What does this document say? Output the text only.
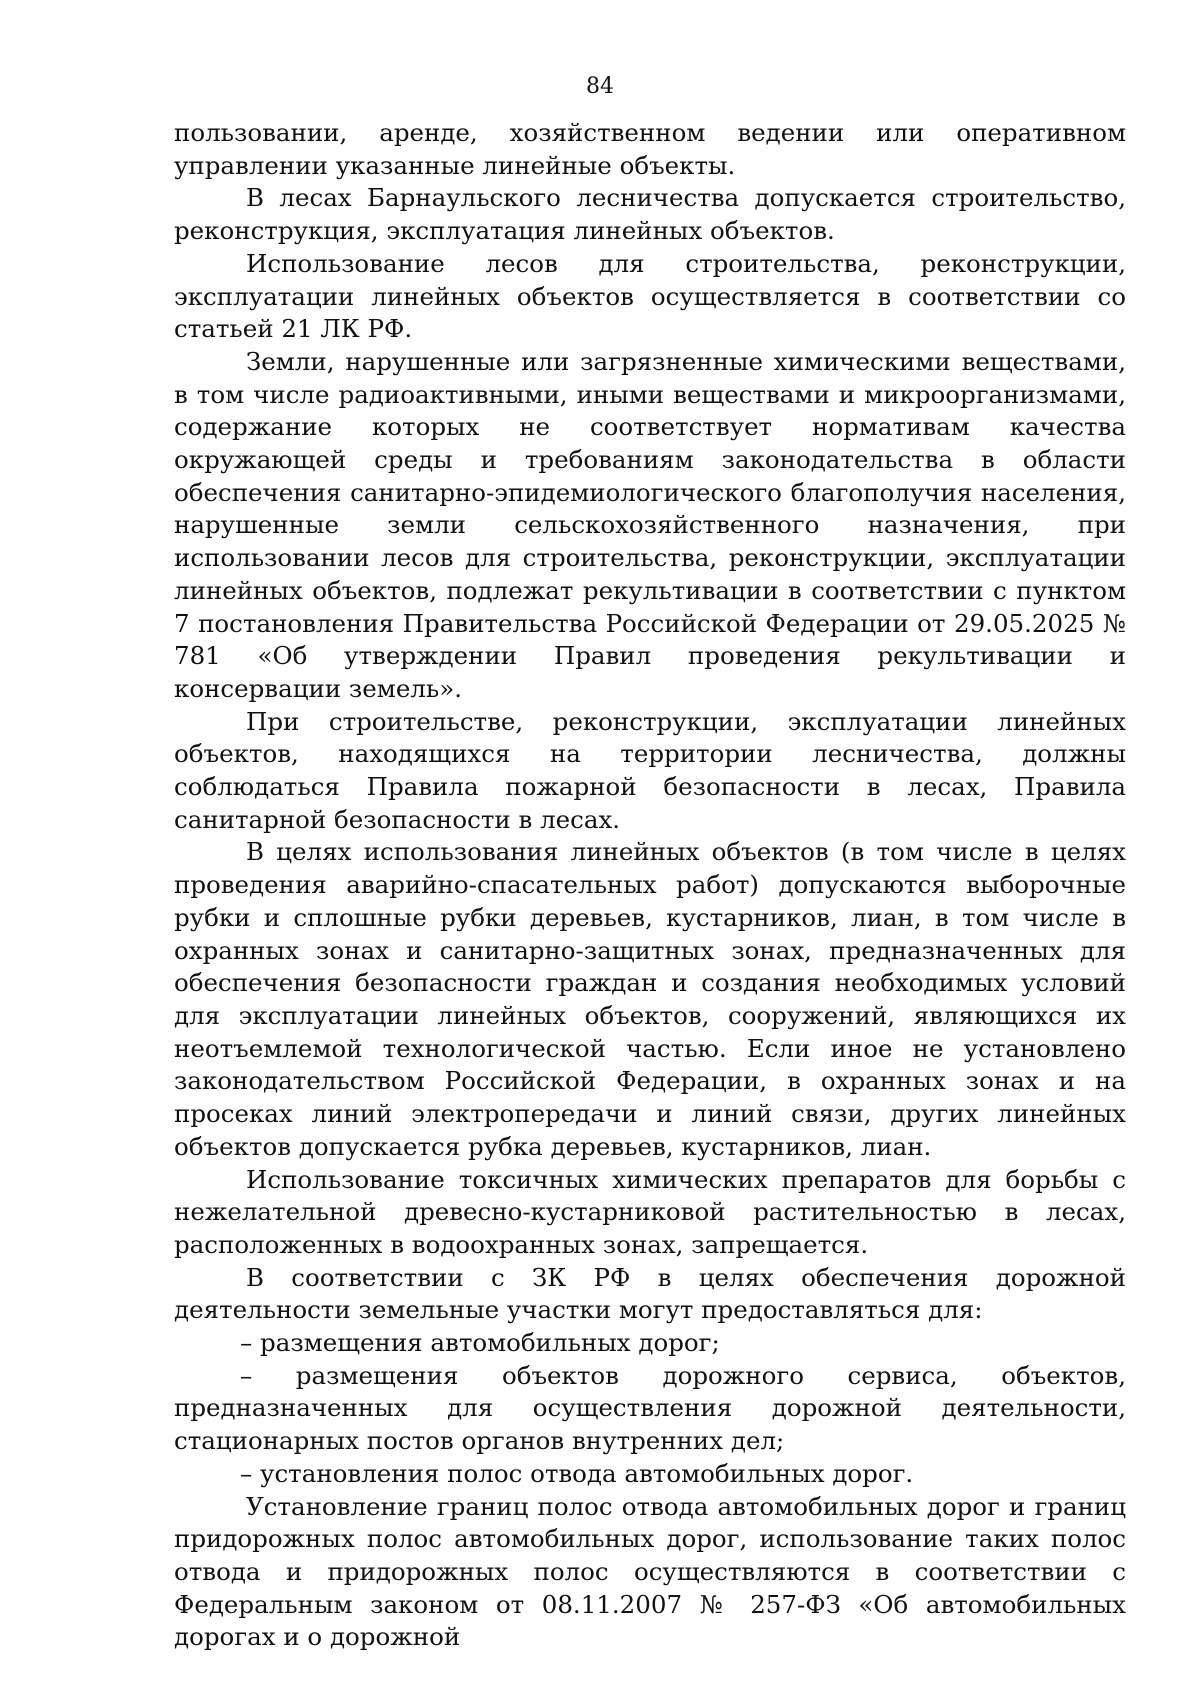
84

пользовании, аренде, хозяйственном ведении или оперативном управлении указанные линейные объекты.

В лесах Барнаульского лесничества допускается строительство, реконструкция, эксплуатация линейных объектов.

Использование лесов для строительства, реконструкции, эксплуатации линейных объектов осуществляется в соответствии со статьей 21 ЛК РФ.

Земли, нарушенные или загрязненные химическими веществами, в том числе радиоактивными, иными веществами и микроорганизмами, содержание которых не соответствует нормативам качества окружающей среды и требованиям законодательства в области обеспечения санитарно-эпидемиологического благополучия населения, нарушенные земли сельскохозяйственного назначения, при использовании лесов для строительства, реконструкции, эксплуатации линейных объектов, подлежат рекультивации в соответствии с пунктом 7 постановления Правительства Российской Федерации от 29.05.2025 № 781 «Об утверждении Правил проведения рекультивации и консервации земель».

При строительстве, реконструкции, эксплуатации линейных объектов, находящихся на территории лесничества, должны соблюдаться Правила пожарной безопасности в лесах, Правила санитарной безопасности в лесах.

В целях использования линейных объектов (в том числе в целях проведения аварийно-спасательных работ) допускаются выборочные рубки и сплошные рубки деревьев, кустарников, лиан, в том числе в охранных зонах и санитарно-защитных зонах, предназначенных для обеспечения безопасности граждан и создания необходимых условий для эксплуатации линейных объектов, сооружений, являющихся их неотъемлемой технологической частью. Если иное не установлено законодательством Российской Федерации, в охранных зонах и на просеках линий электропередачи и линий связи, других линейных объектов допускается рубка деревьев, кустарников, лиан.

Использование токсичных химических препаратов для борьбы с нежелательной древесно-кустарниковой растительностью в лесах, расположенных в водоохранных зонах, запрещается.

В соответствии с ЗК РФ в целях обеспечения дорожной деятельности земельные участки могут предоставляться для:

– размещения автомобильных дорог;

– размещения объектов дорожного сервиса, объектов, предназначенных для осуществления дорожной деятельности, стационарных постов органов внутренних дел;

– установления полос отвода автомобильных дорог.

Установление границ полос отвода автомобильных дорог и границ придорожных полос автомобильных дорог, использование таких полос отвода и придорожных полос осуществляются в соответствии с Федеральным законом от 08.11.2007 № 257-ФЗ «Об автомобильных дорогах и о дорожной
